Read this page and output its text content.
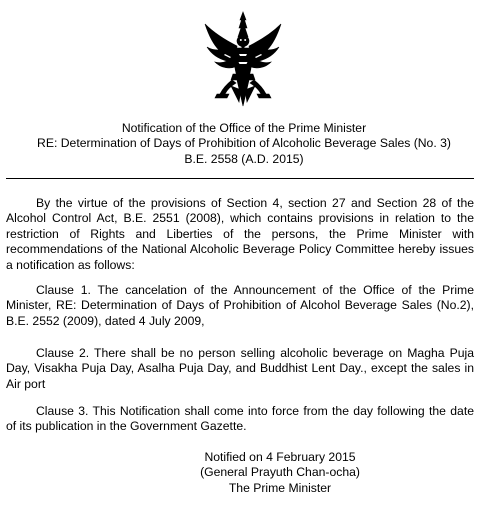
Notification of the Office of the Prime Minister
RE: Determination of Days of Prohibition of Alcoholic Beverage Sales (No. 3)
B.E. 2558 (A.D. 2015)

By the virtue of the provisions of Section 4, section 27 and Section 28 of the Alcohol Control Act, B.E. 2551 (2008), which contains provisions in relation to the restriction of Rights and Liberties of the persons, the Prime Minister with recommendations of the National Alcoholic Beverage Policy Committee hereby issues a notification as follows:

Clause 1. The cancelation of the Announcement of the Office of the Prime Minister, RE: Determination of Days of Prohibition of Alcohol Beverage Sales (No.2), B.E. 2552 (2009), dated 4 July 2009,

Clause 2. There shall be no person selling alcoholic beverage on Magha Puja Day, Visakha Puja Day, Asalha Puja Day, and Buddhist Lent Day., except the sales in Air port

Clause 3. This Notification shall come into force from the day following the date of its publication in the Government Gazette.

Notified on 4 February 2015
(General Prayuth Chan-ocha)
The Prime Minister
